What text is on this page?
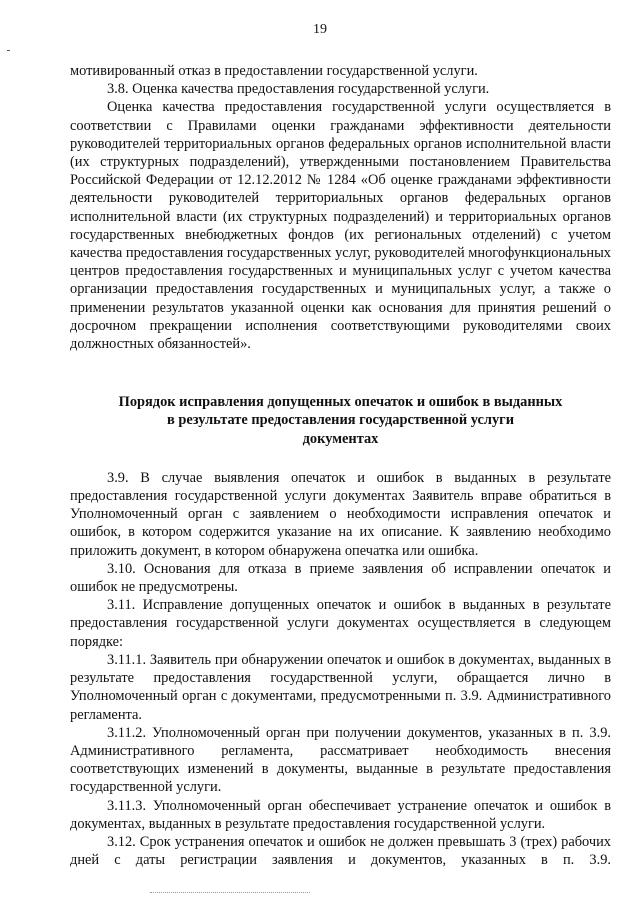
19

мотивированный отказ в предоставлении государственной услуги.

3.8. Оценка качества предоставления государственной услуги.

Оценка качества предоставления государственной услуги осуществляется в соответствии с Правилами оценки гражданами эффективности деятельности руководителей территориальных органов федеральных органов исполнительной власти (их структурных подразделений), утвержденными постановлением Правительства Российской Федерации от 12.12.2012 № 1284 «Об оценке гражданами эффективности деятельности руководителей территориальных органов федеральных органов исполнительной власти (их структурных подразделений) и территориальных органов государственных внебюджетных фондов (их региональных отделений) с учетом качества предоставления государственных услуг, руководителей многофункциональных центров предоставления государственных и муниципальных услуг с учетом качества организации предоставления государственных и муниципальных услуг, а также о применении результатов указанной оценки как основания для принятия решений о досрочном прекращении исполнения соответствующими руководителями своих должностных обязанностей».

Порядок исправления допущенных опечаток и ошибок в выданных
в результате предоставления государственной услуги
документах

3.9. В случае выявления опечаток и ошибок в выданных в результате предоставления государственной услуги документах Заявитель вправе обратиться в Уполномоченный орган с заявлением о необходимости исправления опечаток и ошибок, в котором содержится указание на их описание. К заявлению необходимо приложить документ, в котором обнаружена опечатка или ошибка.

3.10. Основания для отказа в приеме заявления об исправлении опечаток и ошибок не предусмотрены.

3.11. Исправление допущенных опечаток и ошибок в выданных в результате предоставления государственной услуги документах осуществляется в следующем порядке:

3.11.1. Заявитель при обнаружении опечаток и ошибок в документах, выданных в результате предоставления государственной услуги, обращается лично в Уполномоченный орган с документами, предусмотренными п. 3.9. Административного регламента.

3.11.2. Уполномоченный орган при получении документов, указанных в п. 3.9. Административного регламента, рассматривает необходимость внесения соответствующих изменений в документы, выданные в результате предоставления государственной услуги.

3.11.3. Уполномоченный орган обеспечивает устранение опечаток и ошибок в документах, выданных в результате предоставления государственной услуги.

3.12. Срок устранения опечаток и ошибок не должен превышать 3 (трех) рабочих дней с даты регистрации заявления и документов, указанных в п. 3.9.
